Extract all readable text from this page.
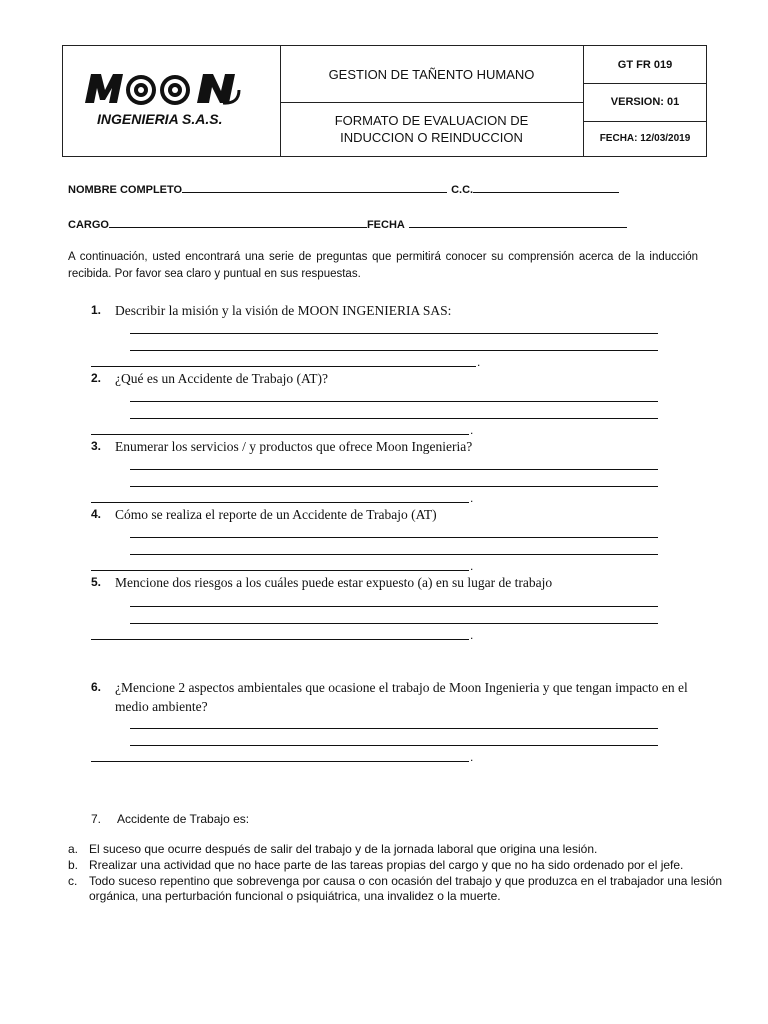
INGENIERIA S.A.S.
GESTION DE TAÑENTO HUMANO
FORMATO DE EVALUACION DE INDUCCION O REINDUCCION
GT FR 019
VERSION: 01
FECHA: 12/03/2019
NOMBRE COMPLETO	C.C.
CARGO	FECHA
A continuación, usted encontrará una serie de preguntas que permitirá conocer su comprensión acerca de la inducción recibida. Por favor sea claro y puntual en sus respuestas.
1.	Describir la misión y la visión de MOON INGENIERIA SAS:
.
2.	¿Qué es un Accidente de Trabajo (AT)?
.
3.	Enumerar los servicios / y productos que ofrece Moon Ingenieria?
.
4.	Cómo se realiza el reporte de un Accidente de Trabajo (AT)
.
5.	Mencione dos riesgos a los cuáles puede estar expuesto (a) en su lugar de trabajo
.
6.	¿Mencione 2 aspectos ambientales que ocasione el trabajo de Moon Ingenieria y que tengan impacto en el medio ambiente?
.
7. Accidente de Trabajo es:
a. El suceso que ocurre después de salir del trabajo y de la jornada laboral que origina una lesión.
b. Rrealizar una actividad que no hace parte de las tareas propias del cargo y que no ha sido ordenado por el jefe.
c. Todo suceso repentino que sobrevenga por causa o con ocasión del trabajo y que produzca en el trabajador una lesión orgánica, una perturbación funcional o psiquiátrica, una invalidez o la muerte.
